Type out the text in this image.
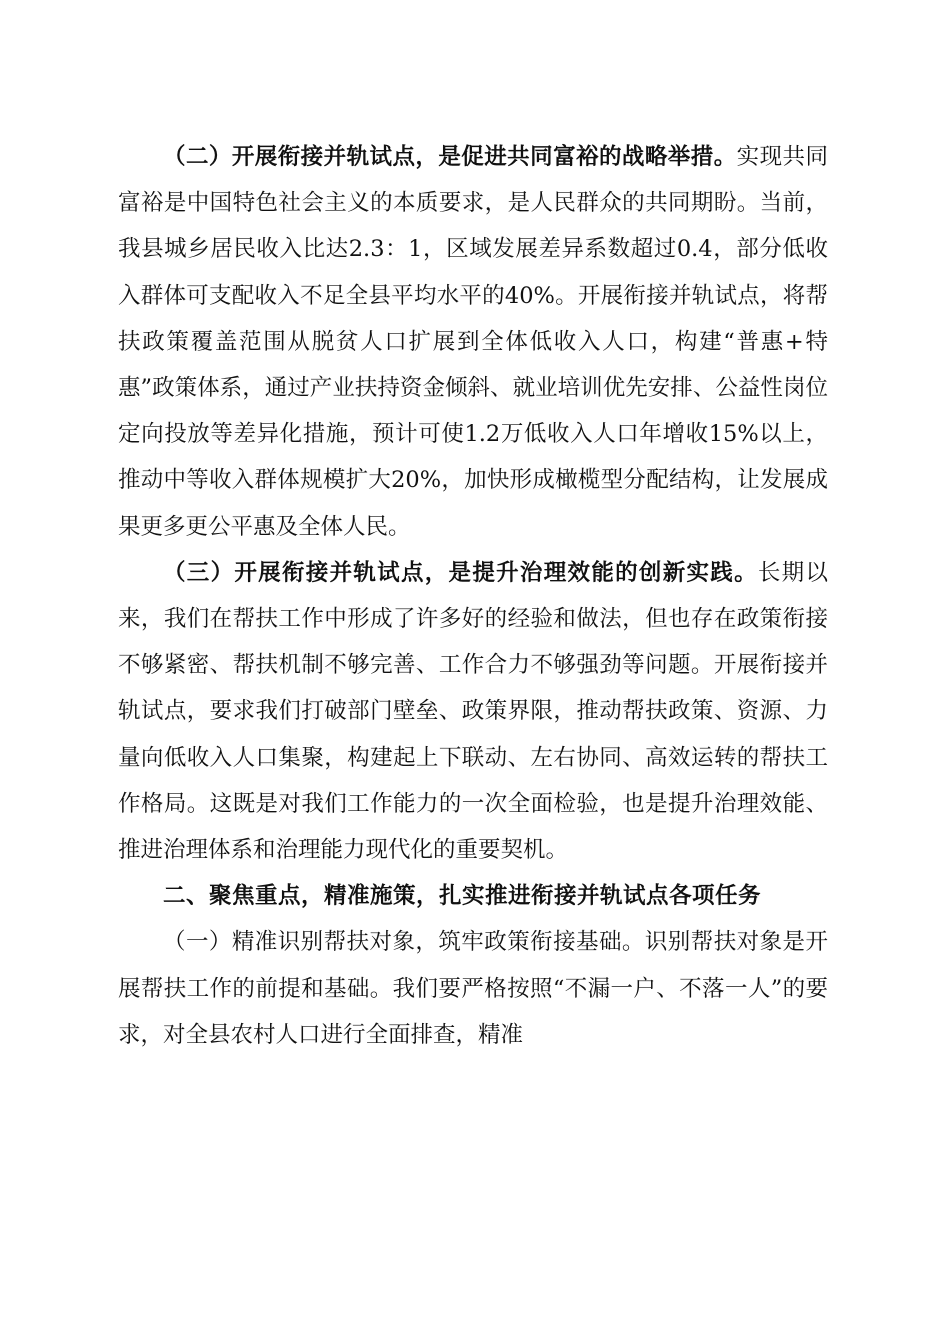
（二）开展衔接并轨试点，是促进共同富裕的战略举措。实现共同富裕是中国特色社会主义的本质要求，是人民群众的共同期盼。当前，我县城乡居民收入比达2.3：1，区域发展差异系数超过0.4，部分低收入群体可支配收入不足全县平均水平的40%。开展衔接并轨试点，将帮扶政策覆盖范围从脱贫人口扩展到全体低收入人口，构建“普惠+特惠”政策体系，通过产业扶持资金倾斜、就业培训优先安排、公益性岗位定向投放等差异化措施，预计可使1.2万低收入人口年增收15%以上，推动中等收入群体规模扩大20%，加快形成橄榄型分配结构，让发展成果更多更公平惠及全体人民。

（三）开展衔接并轨试点，是提升治理效能的创新实践。长期以来，我们在帮扶工作中形成了许多好的经验和做法，但也存在政策衔接不够紧密、帮扶机制不够完善、工作合力不够强劲等问题。开展衔接并轨试点，要求我们打破部门壁垒、政策界限，推动帮扶政策、资源、力量向低收入人口集聚，构建起上下联动、左右协同、高效运转的帮扶工作格局。这既是对我们工作能力的一次全面检验，也是提升治理效能、推进治理体系和治理能力现代化的重要契机。

二、聚焦重点，精准施策，扎实推进衔接并轨试点各项任务

（一）精准识别帮扶对象，筑牢政策衔接基础。识别帮扶对象是开展帮扶工作的前提和基础。我们要严格按照“不漏一户、不落一人”的要求，对全县农村人口进行全面排查，精准
